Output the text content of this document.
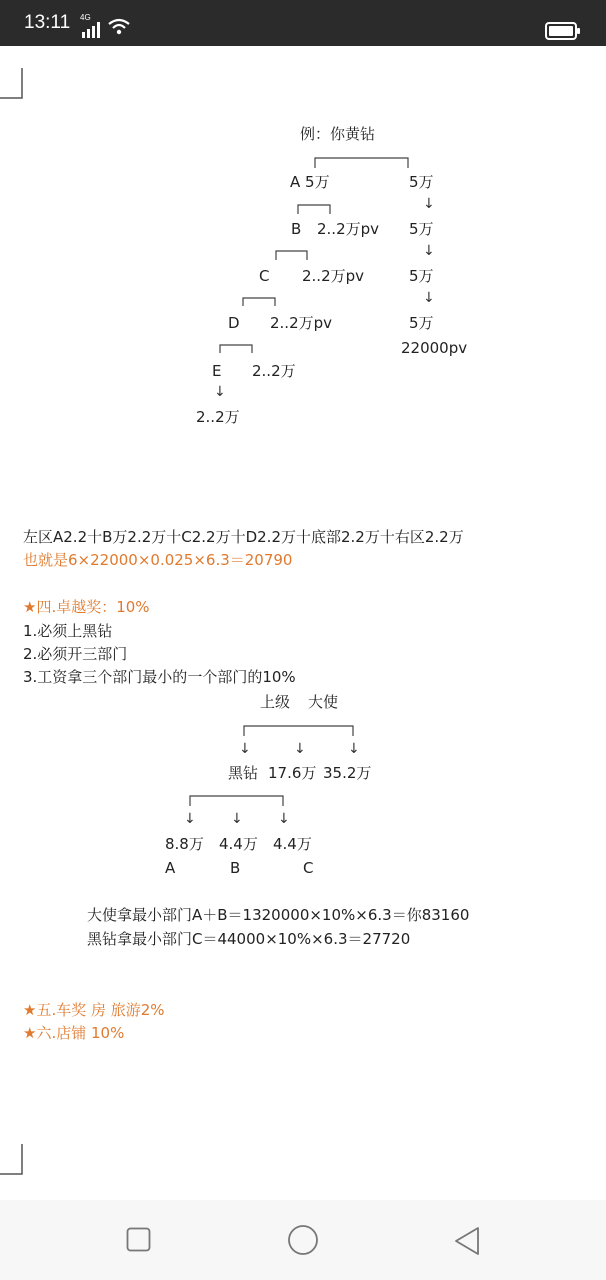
13:11 4G
例：你黄钻
A 5万	5万
↓
B 2..2万pv 5万
↓
C 2..2万pv	5万
↓
D 2..2万pv	5万
22000pv
E 2..2万
↓
2..2万
左区A2.2十B万2.2万十C2.2万十D2.2万十底部2.2万十右区2.2万
也就是6×22000×0.025×6.3＝20790
★四.卓越奖：10%
1.必须上黑钻
2.必须开三部门
3.工资拿三个部门最小的一个部门的10%
上级 大使
↓	↓	↓
黑钻 17.6万 35.2万
↓	↓	↓
8.8万 4.4万 4.4万
A	B	C
大使拿最小部门A＋B＝1320000×10%×6.3＝你83160
黑钻拿最小部门C＝44000×10%×6.3＝27720
★五.车奖 房 旅游2%
★六.店铺 10%
